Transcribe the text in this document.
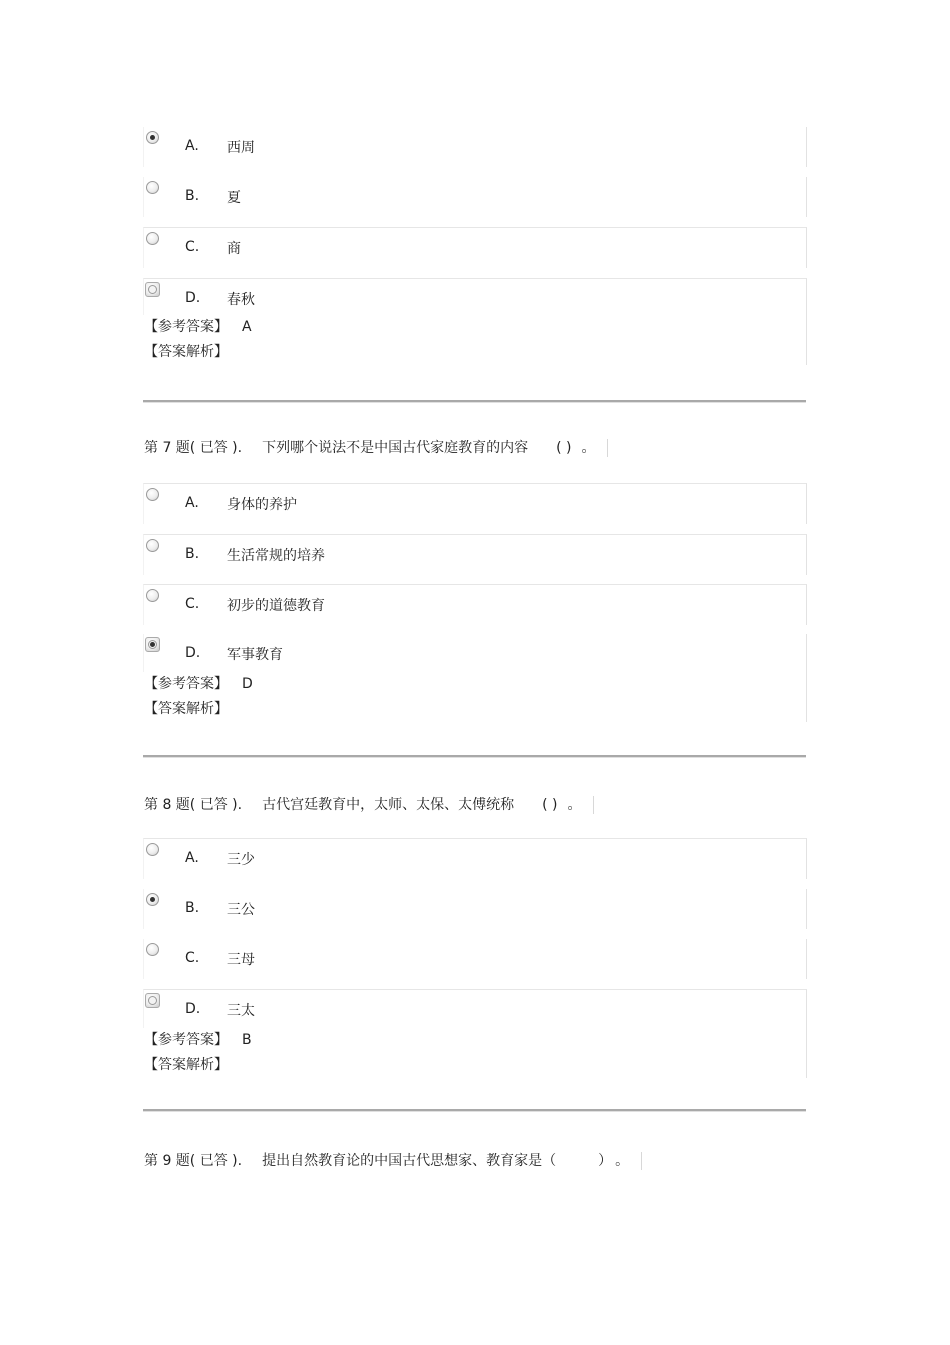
A. 西周
B. 夏
C. 商
D. 春秋
【参考答案】 A
【答案解析】
第 7 题( 已答 ). 下列哪个说法不是中国古代家庭教育的内容 ( ) 。
A. 身体的养护
B. 生活常规的培养
C. 初步的道德教育
D. 军事教育
【参考答案】 D
【答案解析】
第 8 题( 已答 ). 古代宫廷教育中，太师、太保、太傅统称 ( ) 。
A. 三少
B. 三公
C. 三母
D. 三太
【参考答案】 B
【答案解析】
第 9 题( 已答 ). 提出自然教育论的中国古代思想家、教育家是（	） 。
